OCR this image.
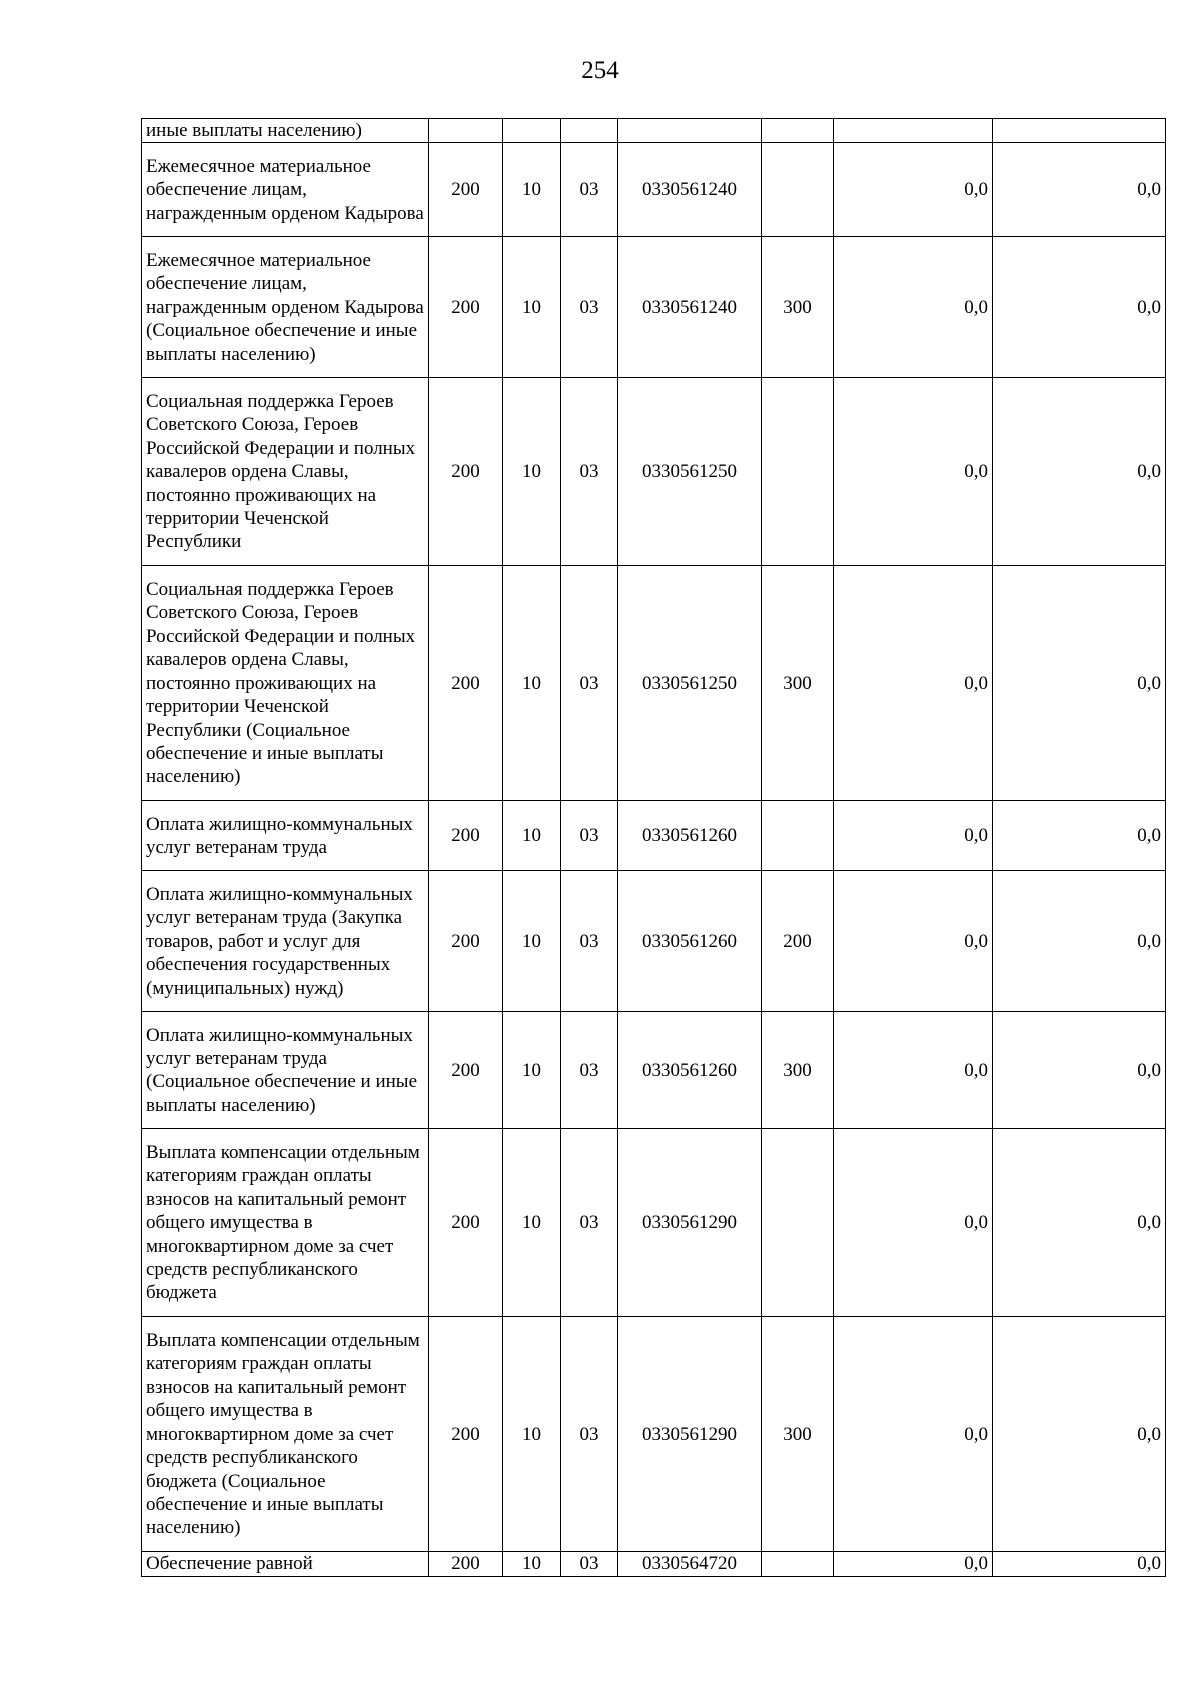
254
иные выплаты населению)							
Ежемесячное материальное обеспечение лицам, награжденным орденом Кадырова	200	10	03	0330561240		0,0	0,0
Ежемесячное материальное обеспечение лицам, награжденным орденом Кадырова (Социальное обеспечение и иные выплаты населению)	200	10	03	0330561240	300	0,0	0,0
Социальная поддержка Героев Советского Союза, Героев Российской Федерации и полных кавалеров ордена Славы, постоянно проживающих на территории Чеченской Республики	200	10	03	0330561250		0,0	0,0
Социальная поддержка Героев Советского Союза, Героев Российской Федерации и полных кавалеров ордена Славы, постоянно проживающих на территории Чеченской Республики (Социальное обеспечение и иные выплаты населению)	200	10	03	0330561250	300	0,0	0,0
Оплата жилищно-коммунальных услуг ветеранам труда	200	10	03	0330561260		0,0	0,0
Оплата жилищно-коммунальных услуг ветеранам труда (Закупка товаров, работ и услуг для обеспечения государственных (муниципальных) нужд)	200	10	03	0330561260	200	0,0	0,0
Оплата жилищно-коммунальных услуг ветеранам труда (Социальное обеспечение и иные выплаты населению)	200	10	03	0330561260	300	0,0	0,0
Выплата компенсации отдельным категориям граждан оплаты взносов на капитальный ремонт общего имущества в многоквартирном доме за счет средств республиканского бюджета	200	10	03	0330561290		0,0	0,0
Выплата компенсации отдельным категориям граждан оплаты взносов на капитальный ремонт общего имущества в многоквартирном доме за счет средств республиканского бюджета (Социальное обеспечение и иные выплаты населению)	200	10	03	0330561290	300	0,0	0,0
Обеспечение равной	200	10	03	0330564720		0,0	0,0
